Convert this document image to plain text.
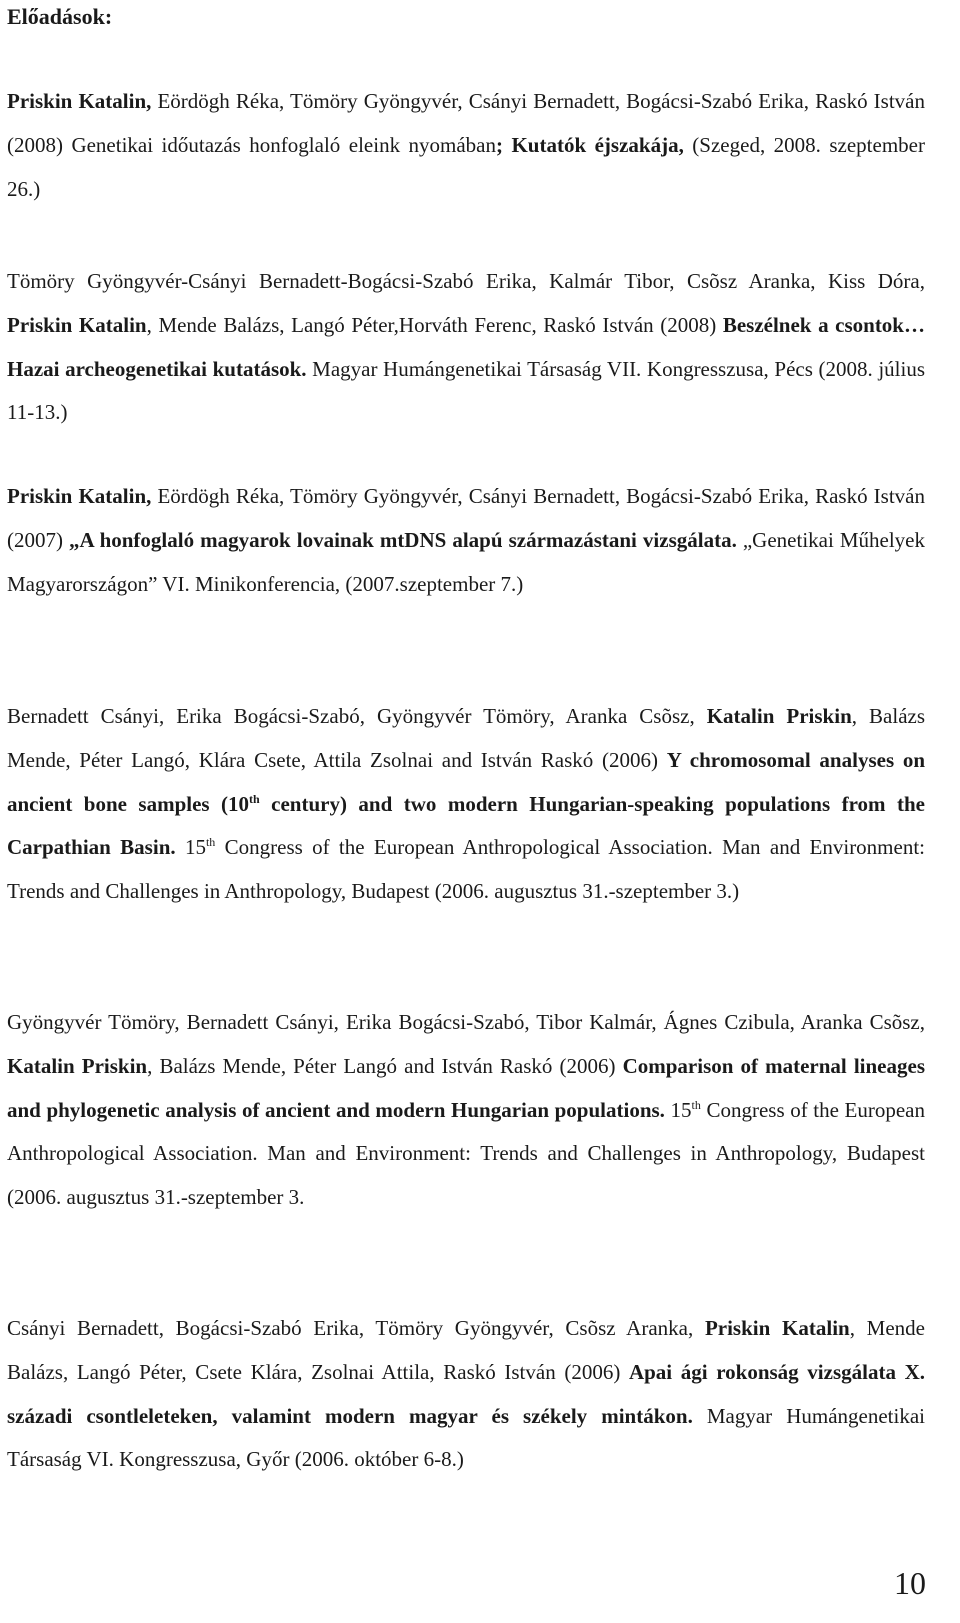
Előadások:

Priskin Katalin, Eördögh Réka, Tömöry Gyöngyvér, Csányi Bernadett, Bogácsi-Szabó Erika, Raskó István (2008) Genetikai időutazás honfoglaló eleink nyomában; Kutatók éjszakája, (Szeged, 2008. szeptember 26.)

Tömöry Gyöngyvér-Csányi Bernadett-Bogácsi-Szabó Erika, Kalmár Tibor, Csõsz Aranka, Kiss Dóra, Priskin Katalin, Mende Balázs, Langó Péter,Horváth Ferenc, Raskó István (2008) Beszélnek a csontok…Hazai archeogenetikai kutatások. Magyar Humángenetikai Társaság VII. Kongresszusa, Pécs (2008. július 11-13.)

Priskin Katalin, Eördögh Réka, Tömöry Gyöngyvér, Csányi Bernadett, Bogácsi-Szabó Erika, Raskó István (2007) „A honfoglaló magyarok lovainak mtDNS alapú származástani vizsgálata. „Genetikai Műhelyek Magyarországon” VI. Minikonferencia, (2007.szeptember 7.)

Bernadett Csányi, Erika Bogácsi-Szabó, Gyöngyvér Tömöry, Aranka Csõsz, Katalin Priskin, Balázs Mende, Péter Langó, Klára Csete, Attila Zsolnai and István Raskó (2006) Y chromosomal analyses on ancient bone samples (10th century) and two modern Hungarian-speaking populations from the Carpathian Basin. 15th Congress of the European Anthropological Association. Man and Environment: Trends and Challenges in Anthropology, Budapest (2006. augusztus 31.-szeptember 3.)

Gyöngyvér Tömöry, Bernadett Csányi, Erika Bogácsi-Szabó, Tibor Kalmár, Ágnes Czibula, Aranka Csõsz, Katalin Priskin, Balázs Mende, Péter Langó and István Raskó (2006) Comparison of maternal lineages and phylogenetic analysis of ancient and modern Hungarian populations. 15th Congress of the European Anthropological Association. Man and Environment: Trends and Challenges in Anthropology, Budapest (2006. augusztus 31.-szeptember 3.

Csányi Bernadett, Bogácsi-Szabó Erika, Tömöry Gyöngyvér, Csõsz Aranka, Priskin Katalin, Mende Balázs, Langó Péter, Csete Klára, Zsolnai Attila, Raskó István (2006) Apai ági rokonság vizsgálata X. századi csontleleteken, valamint modern magyar és székely mintákon. Magyar Humángenetikai Társaság VI. Kongresszusa, Győr (2006. október 6-8.)

10
